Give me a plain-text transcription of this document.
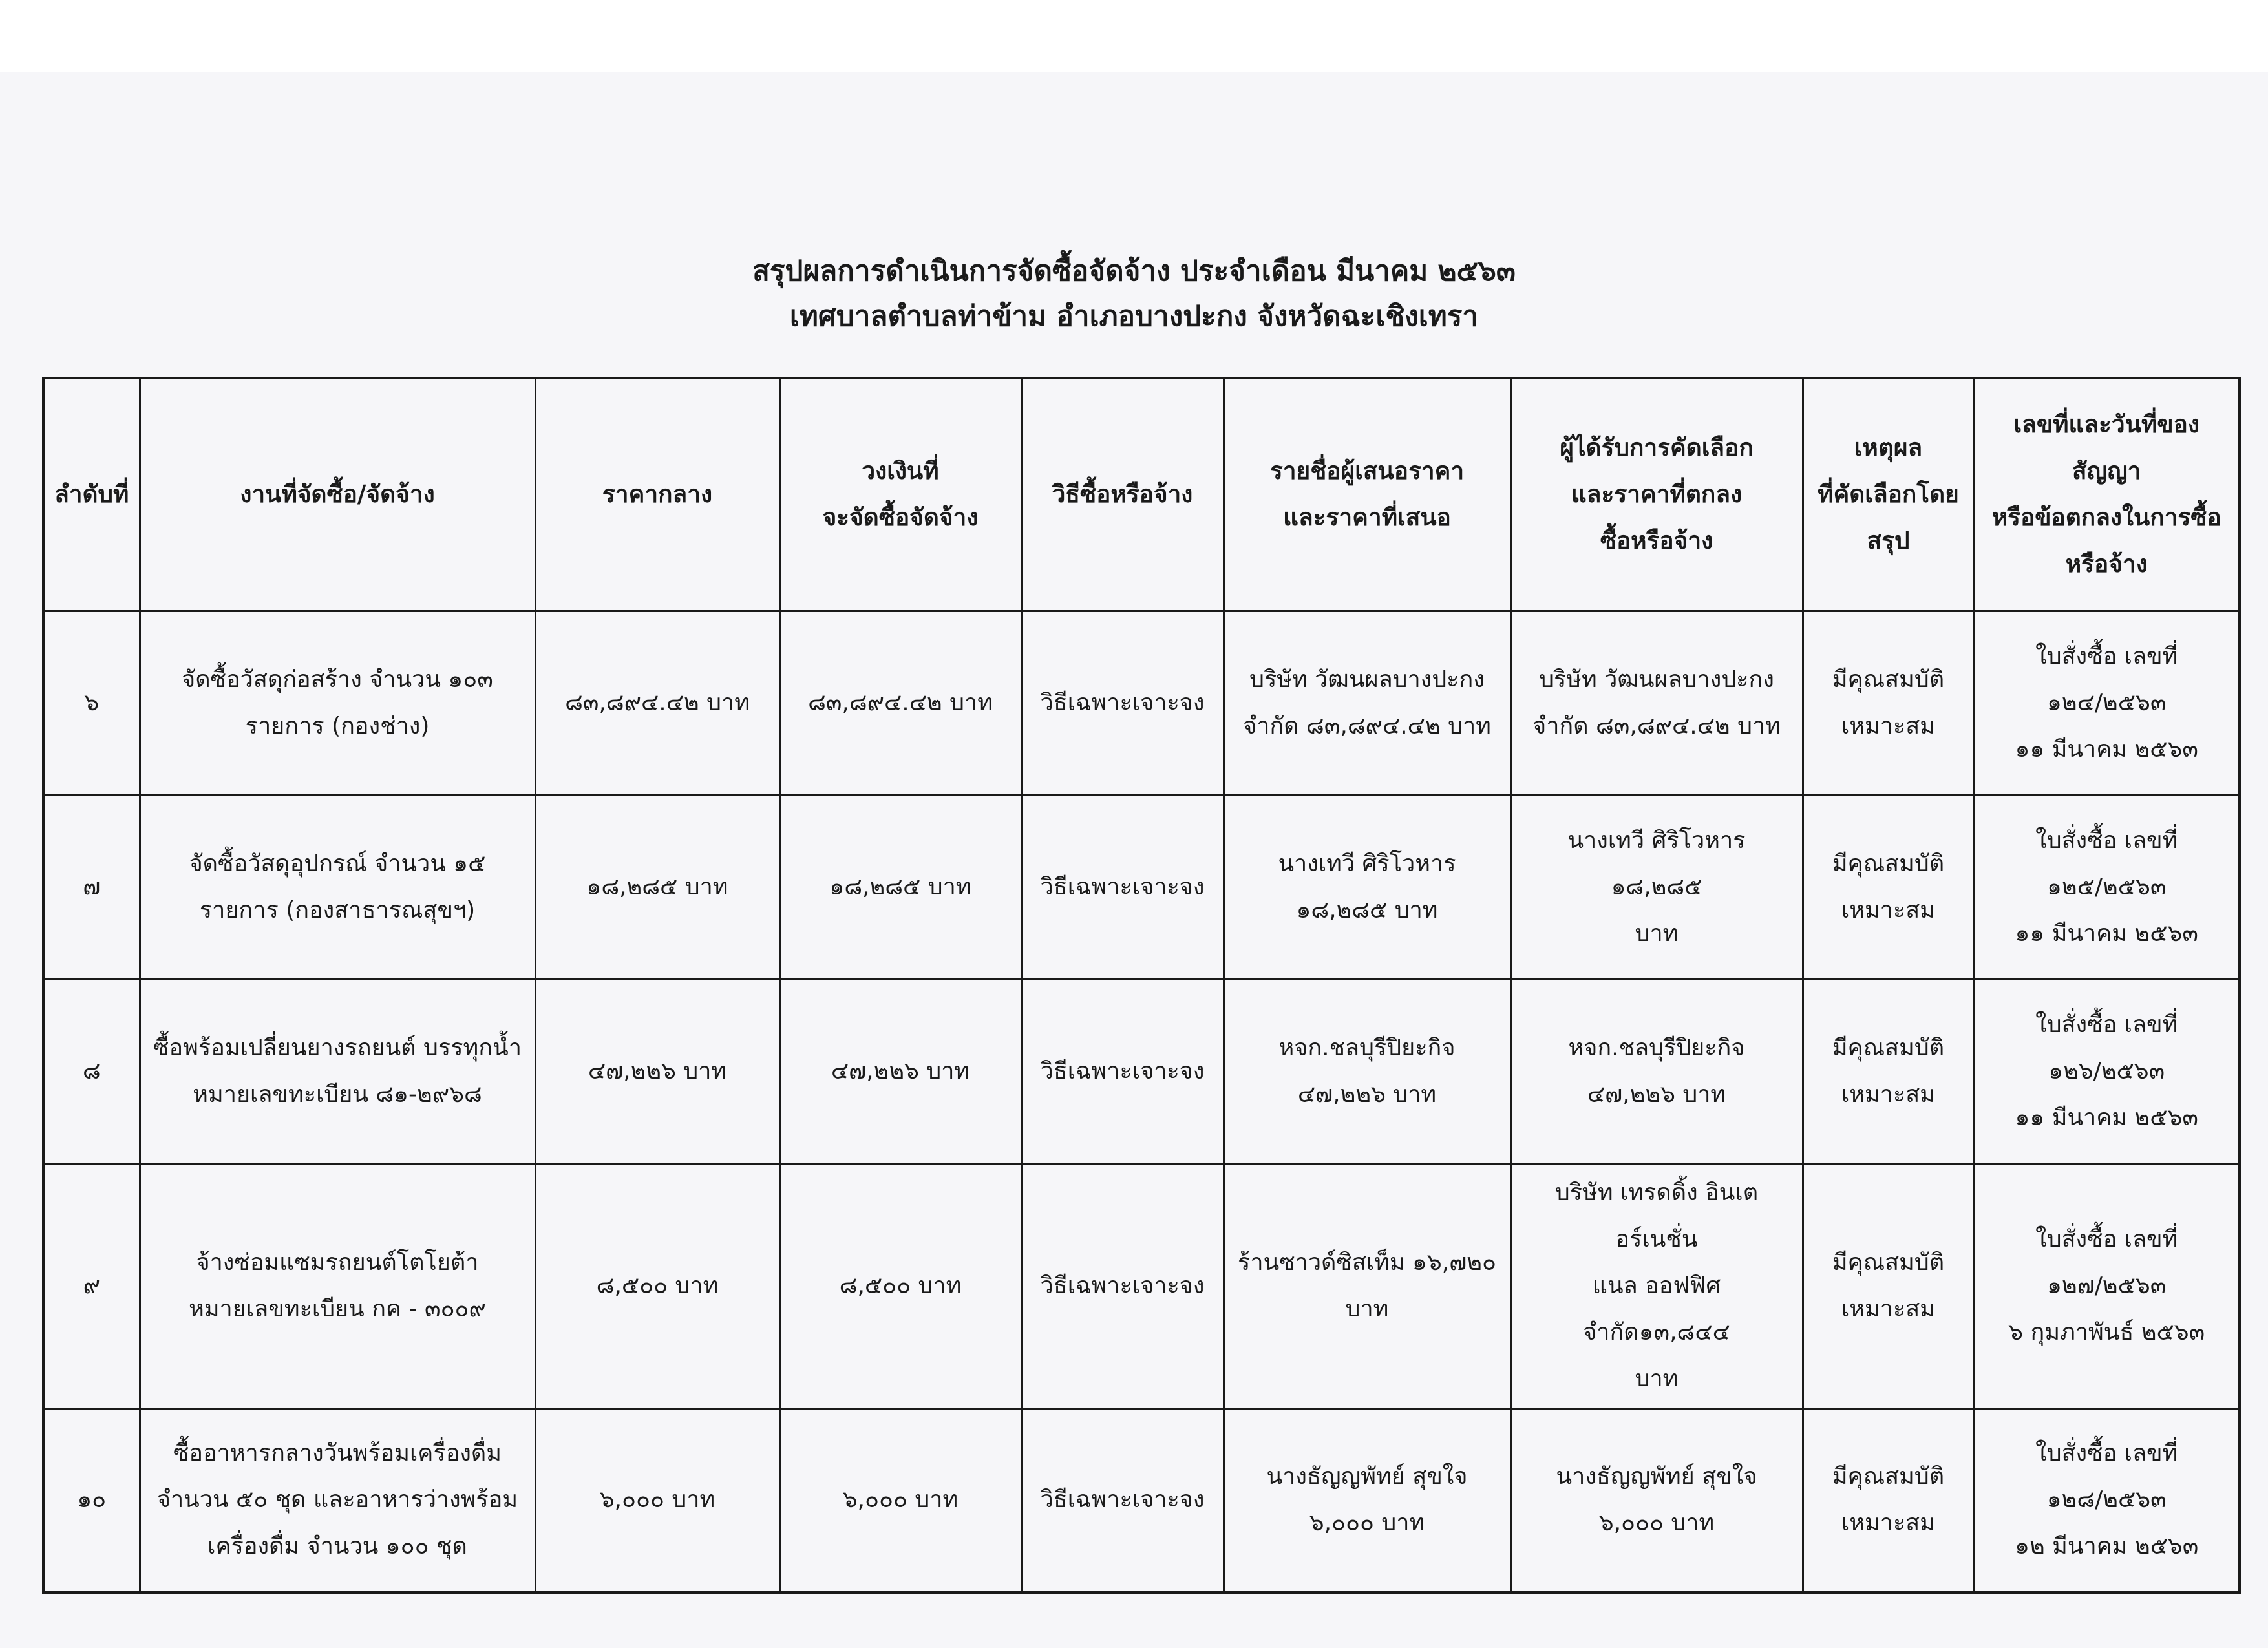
สรุปผลการดำเนินการจัดซื้อจัดจ้าง ประจำเดือน มีนาคม ๒๕๖๓
เทศบาลตำบลท่าข้าม อำเภอบางปะกง จังหวัดฉะเชิงเทรา
ลำดับที่	งานที่จัดซื้อ/จัดจ้าง	ราคากลาง	วงเงินที่
จะจัดซื้อจัดจ้าง	วิธีซื้อหรือจ้าง	รายชื่อผู้เสนอราคา
และราคาที่เสนอ	ผู้ได้รับการคัดเลือก
และราคาที่ตกลง
ซื้อหรือจ้าง	เหตุผล
ที่คัดเลือกโดย
สรุป	เลขที่และวันที่ของสัญญา
หรือข้อตกลงในการซื้อ
หรือจ้าง

๖	จัดซื้อวัสดุก่อสร้าง จำนวน ๑๐๓
รายการ (กองช่าง)	๘๓,๘๙๔.๔๒ บาท	๘๓,๘๙๔.๔๒ บาท	วิธีเฉพาะเจาะจง	บริษัท วัฒนผลบางปะกง
จำกัด ๘๓,๘๙๔.๔๒ บาท	บริษัท วัฒนผลบางปะกง
จำกัด ๘๓,๘๙๔.๔๒ บาท	มีคุณสมบัติ
เหมาะสม	ใบสั่งซื้อ เลขที่
๑๒๔/๒๕๖๓
๑๑ มีนาคม ๒๕๖๓

๗	จัดซื้อวัสดุอุปกรณ์ จำนวน ๑๕
รายการ (กองสาธารณสุขฯ)	๑๘,๒๘๕ บาท	๑๘,๒๘๕ บาท	วิธีเฉพาะเจาะจง	นางเทวี ศิริโวหาร
๑๘,๒๘๕ บาท	นางเทวี ศิริโวหาร ๑๘,๒๘๕
บาท	มีคุณสมบัติ
เหมาะสม	ใบสั่งซื้อ เลขที่
๑๒๕/๒๕๖๓
๑๑ มีนาคม ๒๕๖๓

๘	ซื้อพร้อมเปลี่ยนยางรถยนต์ บรรทุกน้ำ
หมายเลขทะเบียน ๘๑-๒๙๖๘	๔๗,๒๒๖ บาท	๔๗,๒๒๖ บาท	วิธีเฉพาะเจาะจง	หจก.ชลบุรีปิยะกิจ
๔๗,๒๒๖ บาท	หจก.ชลบุรีปิยะกิจ
๔๗,๒๒๖ บาท	มีคุณสมบัติ
เหมาะสม	ใบสั่งซื้อ เลขที่
๑๒๖/๒๕๖๓
๑๑ มีนาคม ๒๕๖๓

๙	จ้างซ่อมแซมรถยนต์โตโยต้า
หมายเลขทะเบียน กค - ๓๐๐๙	๘,๕๐๐ บาท	๘,๕๐๐ บาท	วิธีเฉพาะเจาะจง	ร้านซาวด์ซิสเท็ม ๑๖,๗๒๐
บาท	บริษัท เทรดดิ้ง อินเตอร์เนชั่น
แนล ออฟฟิศ จำกัด๑๓,๘๔๔
บาท	มีคุณสมบัติ
เหมาะสม	ใบสั่งซื้อ เลขที่
๑๒๗/๒๕๖๓
๖ กุมภาพันธ์ ๒๕๖๓

๑๐	ซื้ออาหารกลางวันพร้อมเครื่องดื่ม
จำนวน ๕๐ ชุด และอาหารว่างพร้อม
เครื่องดื่ม จำนวน ๑๐๐ ชุด	๖,๐๐๐ บาท	๖,๐๐๐ บาท	วิธีเฉพาะเจาะจง	นางธัญญพัทย์ สุขใจ
๖,๐๐๐ บาท	นางธัญญพัทย์ สุขใจ
๖,๐๐๐ บาท	มีคุณสมบัติ
เหมาะสม	ใบสั่งซื้อ เลขที่
๑๒๘/๒๕๖๓
๑๒ มีนาคม ๒๕๖๓
